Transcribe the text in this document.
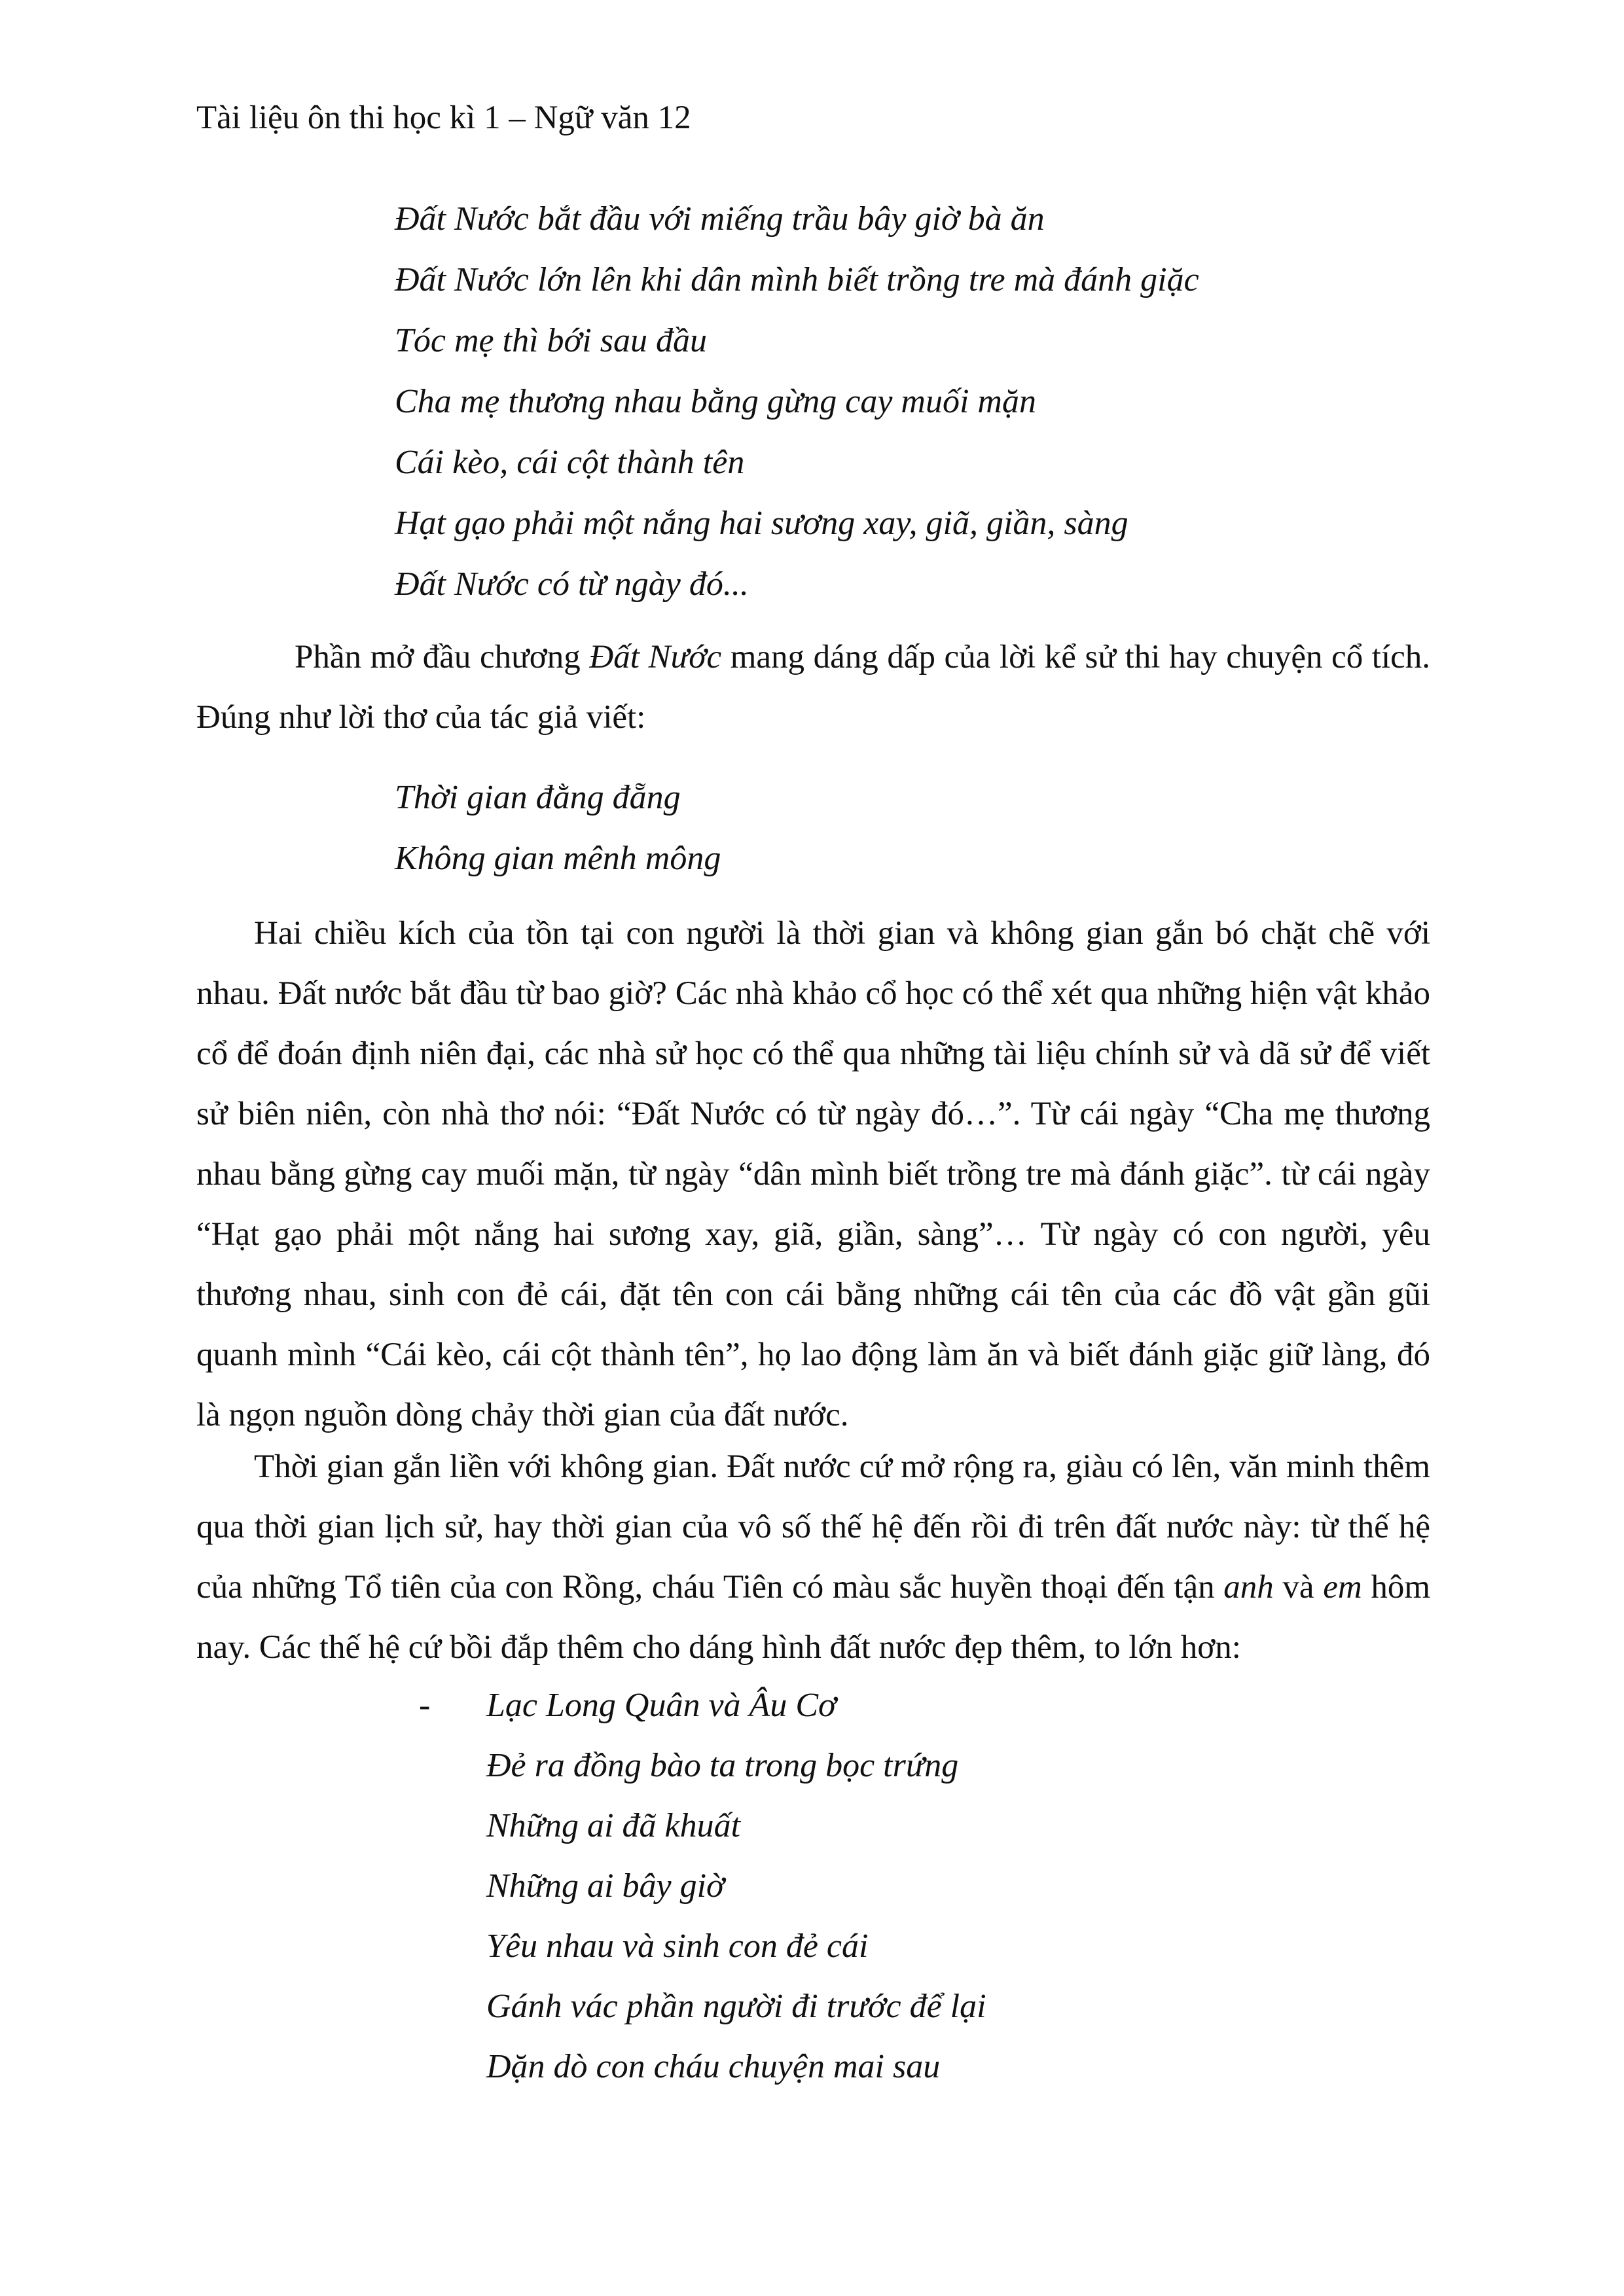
Tài liệu ôn thi học kì 1 – Ngữ văn 12
Đất Nước bắt đầu với miếng trầu bây giờ bà ăn
Đất Nước lớn lên khi dân mình biết trồng tre mà đánh giặc
Tóc mẹ thì bới sau đầu
Cha mẹ thương nhau bằng gừng cay muối mặn
Cái kèo, cái cột thành tên
Hạt gạo phải một nắng hai sương xay, giã, giần, sàng
Đất Nước có từ ngày đó...

Phần mở đầu chương Đất Nước mang dáng dấp của lời kể sử thi hay chuyện cổ tích. Đúng như lời thơ của tác giả viết:

Thời gian đằng đẵng
Không gian mênh mông

Hai chiều kích của tồn tại con người là thời gian và không gian gắn bó chặt chẽ với nhau. Đất nước bắt đầu từ bao giờ? Các nhà khảo cổ học có thể xét qua những hiện vật khảo cổ để đoán định niên đại, các nhà sử học có thể qua những tài liệu chính sử và dã sử để viết sử biên niên, còn nhà thơ nói: “Đất Nước có từ ngày đó…”. Từ cái ngày “Cha mẹ thương nhau bằng gừng cay muối mặn, từ ngày “dân mình biết trồng tre mà đánh giặc”. từ cái ngày “Hạt gạo phải một nắng hai sương xay, giã, giần, sàng”… Từ ngày có con người, yêu thương nhau, sinh con đẻ cái, đặt tên con cái bằng những cái tên của các đồ vật gần gũi quanh mình “Cái kèo, cái cột thành tên”, họ lao động làm ăn và biết đánh giặc giữ làng, đó là ngọn nguồn dòng chảy thời gian của đất nước.

Thời gian gắn liền với không gian. Đất nước cứ mở rộng ra, giàu có lên, văn minh thêm qua thời gian lịch sử, hay thời gian của vô số thế hệ đến rồi đi trên đất nước này: từ thế hệ của những Tổ tiên của con Rồng, cháu Tiên có màu sắc huyền thoại đến tận anh và em hôm nay. Các thế hệ cứ bồi đắp thêm cho dáng hình đất nước đẹp thêm, to lớn hơn:

- Lạc Long Quân và Âu Cơ
Đẻ ra đồng bào ta trong bọc trứng
Những ai đã khuất
Những ai bây giờ
Yêu nhau và sinh con đẻ cái
Gánh vác phần người đi trước để lại
Dặn dò con cháu chuyện mai sau
